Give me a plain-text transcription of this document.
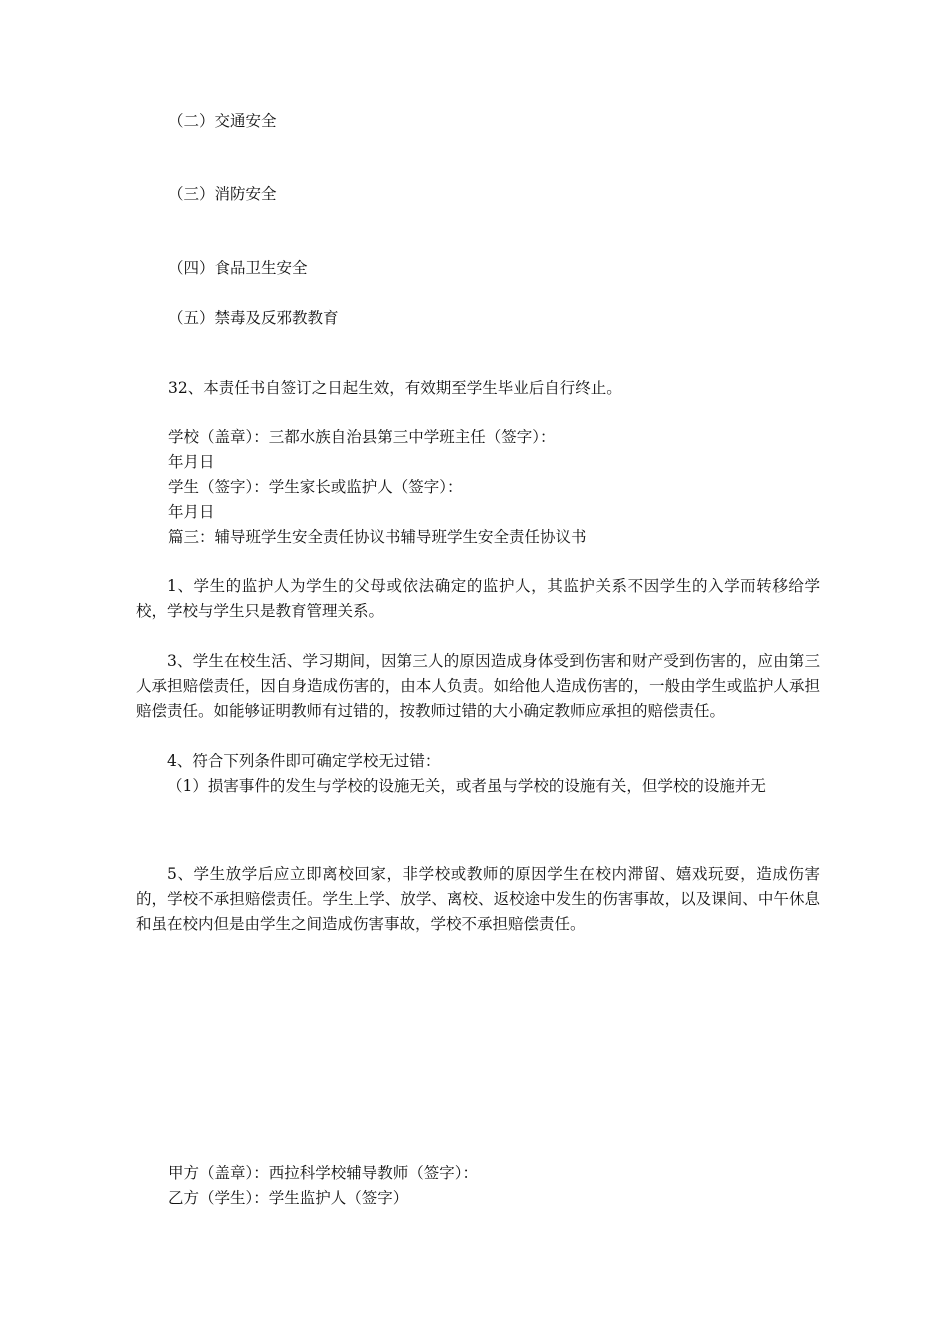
（二）交通安全
（三）消防安全
（四）食品卫生安全
（五）禁毒及反邪教教育
32、本责任书自签订之日起生效，有效期至学生毕业后自行终止。
学校（盖章）：三都水族自治县第三中学班主任（签字）：
年月日
学生（签字）：学生家长或监护人（签字）：
年月日
篇三：辅导班学生安全责任协议书辅导班学生安全责任协议书
1、学生的监护人为学生的父母或依法确定的监护人，其监护关系不因学生的入学而转移给学校，学校与学生只是教育管理关系。
3、学生在校生活、学习期间，因第三人的原因造成身体受到伤害和财产受到伤害的，应由第三人承担赔偿责任，因自身造成伤害的，由本人负责。如给他人造成伤害的，一般由学生或监护人承担赔偿责任。如能够证明教师有过错的，按教师过错的大小确定教师应承担的赔偿责任。
4、符合下列条件即可确定学校无过错：
（1）损害事件的发生与学校的设施无关，或者虽与学校的设施有关，但学校的设施并无
5、学生放学后应立即离校回家，非学校或教师的原因学生在校内滞留、嬉戏玩耍，造成伤害的，学校不承担赔偿责任。学生上学、放学、离校、返校途中发生的伤害事故，以及课间、中午休息和虽在校内但是由学生之间造成伤害事故，学校不承担赔偿责任。
甲方（盖章）：西拉科学校辅导教师（签字）：
乙方（学生）：学生监护人（签字）
